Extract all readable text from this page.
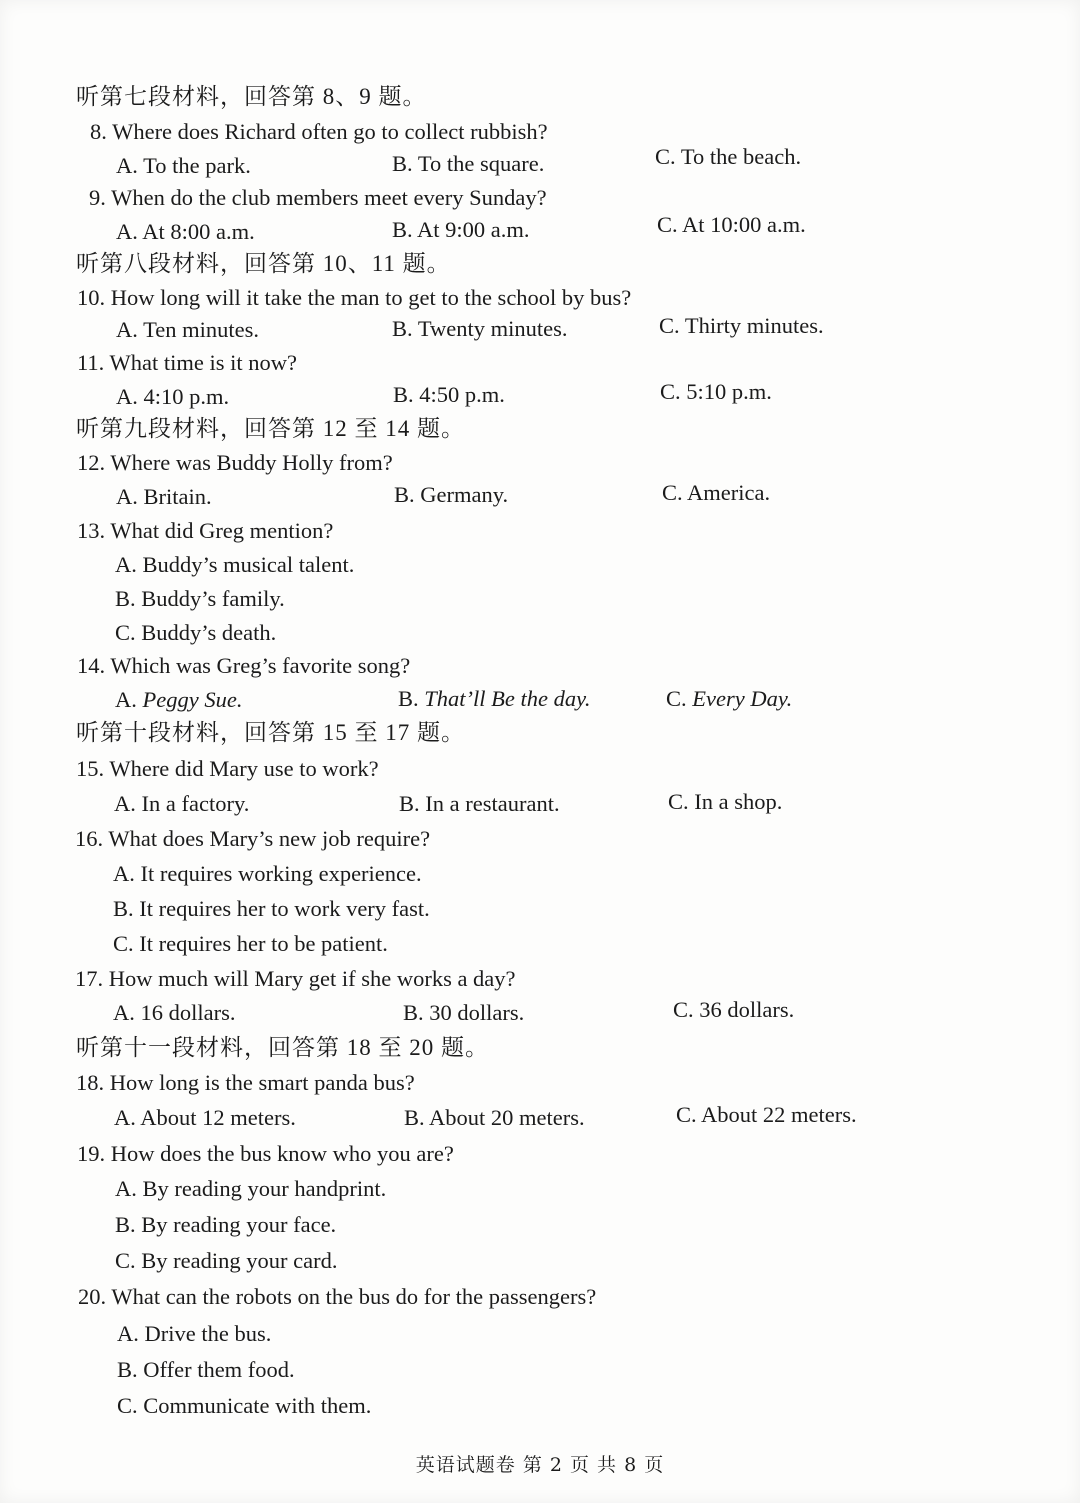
听第七段材料，回答第 8、9 题。
8. Where does Richard often go to collect rubbish?
A. To the park.	B. To the square.	C. To the beach.
9. When do the club members meet every Sunday?
A. At 8:00 a.m.	B. At 9:00 a.m.	C. At 10:00 a.m.
听第八段材料，回答第 10、11 题。
10. How long will it take the man to get to the school by bus?
A. Ten minutes.	B. Twenty minutes.	C. Thirty minutes.
11. What time is it now?
A. 4:10 p.m.	B. 4:50 p.m.	C. 5:10 p.m.
听第九段材料，回答第 12 至 14 题。
12. Where was Buddy Holly from?
A. Britain.	B. Germany.	C. America.
13. What did Greg mention?
A. Buddy’s musical talent.
B. Buddy’s family.
C. Buddy’s death.
14. Which was Greg’s favorite song?
A. Peggy Sue.	B. That’ll Be the day.	C. Every Day.
听第十段材料，回答第 15 至 17 题。
15. Where did Mary use to work?
A. In a factory.	B. In a restaurant.	C. In a shop.
16. What does Mary’s new job require?
A. It requires working experience.
B. It requires her to work very fast.
C. It requires her to be patient.
17. How much will Mary get if she works a day?
A. 16 dollars.	B. 30 dollars.	C. 36 dollars.
听第十一段材料，回答第 18 至 20 题。
18. How long is the smart panda bus?
A. About 12 meters.	B. About 20 meters.	C. About 22 meters.
19. How does the bus know who you are?
A. By reading your handprint.
B. By reading your face.
C. By reading your card.
20. What can the robots on the bus do for the passengers?
A. Drive the bus.
B. Offer them food.
C. Communicate with them.
英语试题卷 第 2 页 共 8 页
